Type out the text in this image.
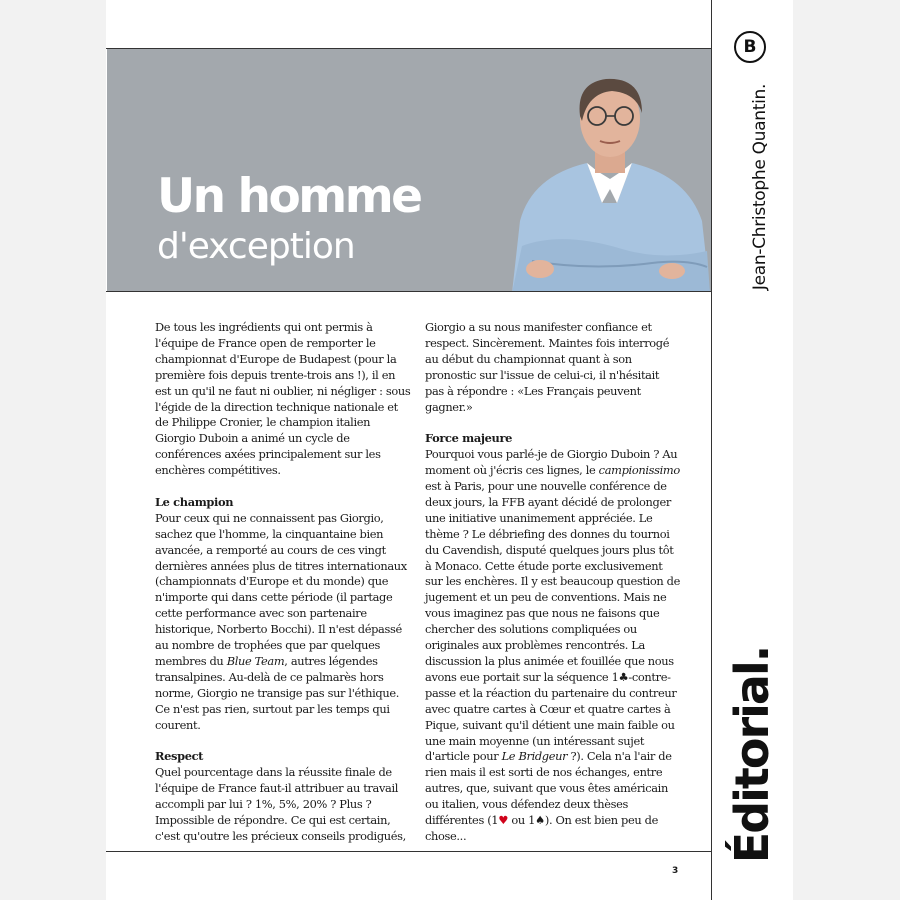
Un homme
d'exception

De tous les ingrédients qui ont permis à l'équipe de France open de remporter le championnat d'Europe de Budapest (pour la première fois depuis trente-trois ans !), il en est un qu'il ne faut ni oublier, ni négliger : sous l'égide de la direction technique nationale et de Philippe Cronier, le champion italien Giorgio Duboin a animé un cycle de conférences axées principalement sur les enchères compétitives.

Le champion

Pour ceux qui ne connaissent pas Giorgio, sachez que l'homme, la cinquantaine bien avancée, a remporté au cours de ces vingt dernières années plus de titres internationaux (championnats d'Europe et du monde) que n'importe qui dans cette période (il partage cette performance avec son partenaire historique, Norberto Bocchi). Il n'est dépassé au nombre de trophées que par quelques membres du Blue Team, autres légendes transalpines. Au-delà de ce palmarès hors norme, Giorgio ne transige pas sur l'éthique. Ce n'est pas rien, surtout par les temps qui courent.

Respect

Quel pourcentage dans la réussite finale de l'équipe de France faut-il attribuer au travail accompli par lui ? 1%, 5%, 20% ? Plus ? Impossible de répondre. Ce qui est certain, c'est qu'outre les précieux conseils prodigués,

Giorgio a su nous manifester confiance et respect. Sincèrement. Maintes fois interrogé au début du championnat quant à son pronostic sur l'issue de celui-ci, il n'hésitait pas à répondre : «Les Français peuvent gagner.»

Force majeure

Pourquoi vous parlé-je de Giorgio Duboin ? Au moment où j'écris ces lignes, le campionissimo est à Paris, pour une nouvelle conférence de deux jours, la FFB ayant décidé de prolonger une initiative unanimement appréciée. Le thème ? Le débriefing des donnes du tournoi du Cavendish, disputé quelques jours plus tôt à Monaco. Cette étude porte exclusivement sur les enchères. Il y est beaucoup question de jugement et un peu de conventions. Mais ne vous imaginez pas que nous ne faisons que chercher des solutions compliquées ou originales aux problèmes rencontrés. La discussion la plus animée et fouillée que nous avons eue portait sur la séquence 1♣-contre-passe et la réaction du partenaire du contreur avec quatre cartes à Cœur et quatre cartes à Pique, suivant qu'il détient une main faible ou une main moyenne (un intéressant sujet d'article pour Le Bridgeur ?). Cela n'a l'air de rien mais il est sorti de nos échanges, entre autres, que, suivant que vous êtes américain ou italien, vous défendez deux thèses différentes (1♥ ou 1♠). On est bien peu de chose...

3
B
Jean-Christophe Quantin.
Éditorial.
